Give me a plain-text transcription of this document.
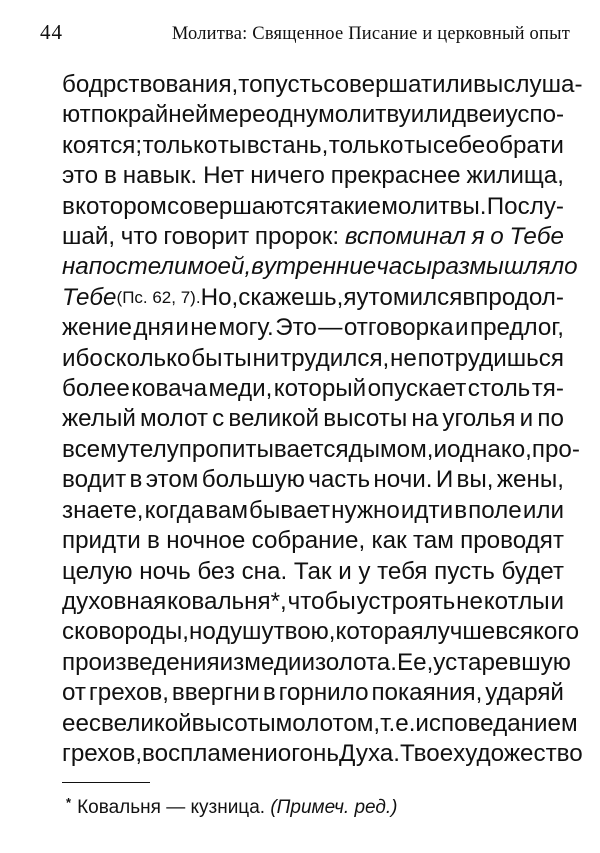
44	Молитва: Священное Писание и церковный опыт
бодрствования, то пусть совершат или выслуша-
ют по крайней мере одну молитву или две и успо-
коятся; только ты встань, только ты себе обрати
это в навык. Нет ничего прекраснее жилища,
в котором совершаются такие молитвы. Послу-
шай, что говорит пророк: вспоминал я о Тебе
на постели моей, в утренние часы размышлял о
Тебе (Пс. 62, 7). Но, скажешь, я утомился в продол-
жение дня и не могу. Это — отговорка и предлог,
ибо сколько бы ты ни трудился, не потрудишься
более ковача меди, который опускает столь тя-
желый молот с великой высоты на уголья и по
всему телу пропитывается дымом, и однако, про-
водит в этом большую часть ночи. И вы, жены,
знаете, когда вам бывает нужно идти в поле или
придти в ночное собрание, как там проводят
целую ночь без сна. Так и у тебя пусть будет
духовная ковальня*, чтобы устроять не котлы и
сковороды, но душу твою, которая лучше всякого
произведения из меди и золота. Ее, устаревшую
от грехов, ввергни в горнило покаяния, ударяй
ее с великой высоты молотом, т.е. исповеданием
грехов, воспламени огонь Духа. Твое художество
* Ковальня — кузница. (Примеч. ред.)
